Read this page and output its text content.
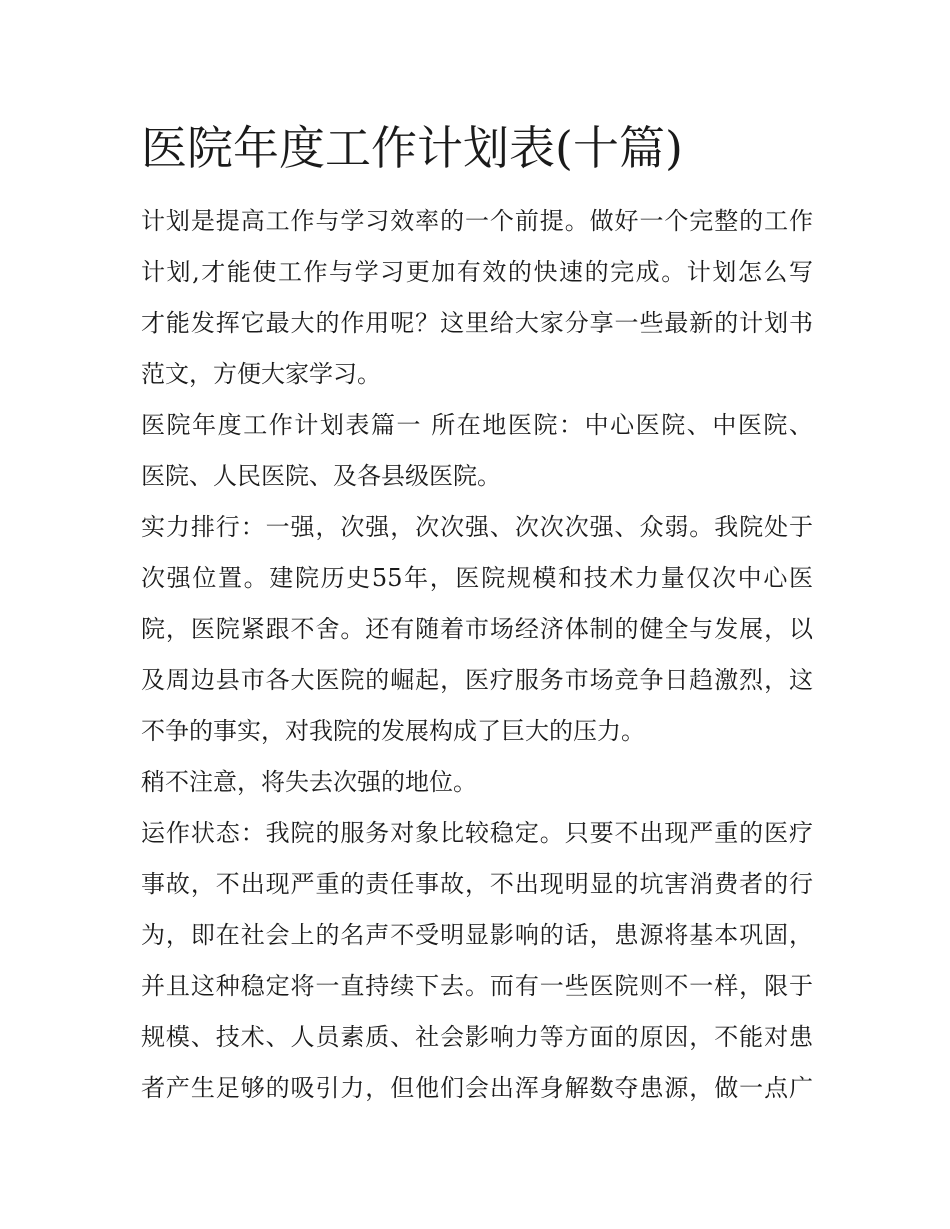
医院年度工作计划表(十篇)

计划是提高工作与学习效率的一个前提。做好一个完整的工作

计划,才能使工作与学习更加有效的快速的完成。计划怎么写

才能发挥它最大的作用呢？这里给大家分享一些最新的计划书

范文，方便大家学习。

医院年度工作计划表篇一 所在地医院：中心医院、中医院、

医院、人民医院、及各县级医院。

实力排行：一强，次强，次次强、次次次强、众弱。我院处于

次强位置。建院历史55年，医院规模和技术力量仅次中心医

院，医院紧跟不舍。还有随着市场经济体制的健全与发展，以

及周边县市各大医院的崛起，医疗服务市场竞争日趋激烈，这

不争的事实，对我院的发展构成了巨大的压力。

稍不注意，将失去次强的地位。

运作状态：我院的服务对象比较稳定。只要不出现严重的医疗

事故，不出现严重的责任事故，不出现明显的坑害消费者的行

为，即在社会上的名声不受明显影响的话，患源将基本巩固，

并且这种稳定将一直持续下去。而有一些医院则不一样，限于

规模、技术、人员素质、社会影响力等方面的原因，不能对患

者产生足够的吸引力，但他们会出浑身解数夺患源，做一点广
